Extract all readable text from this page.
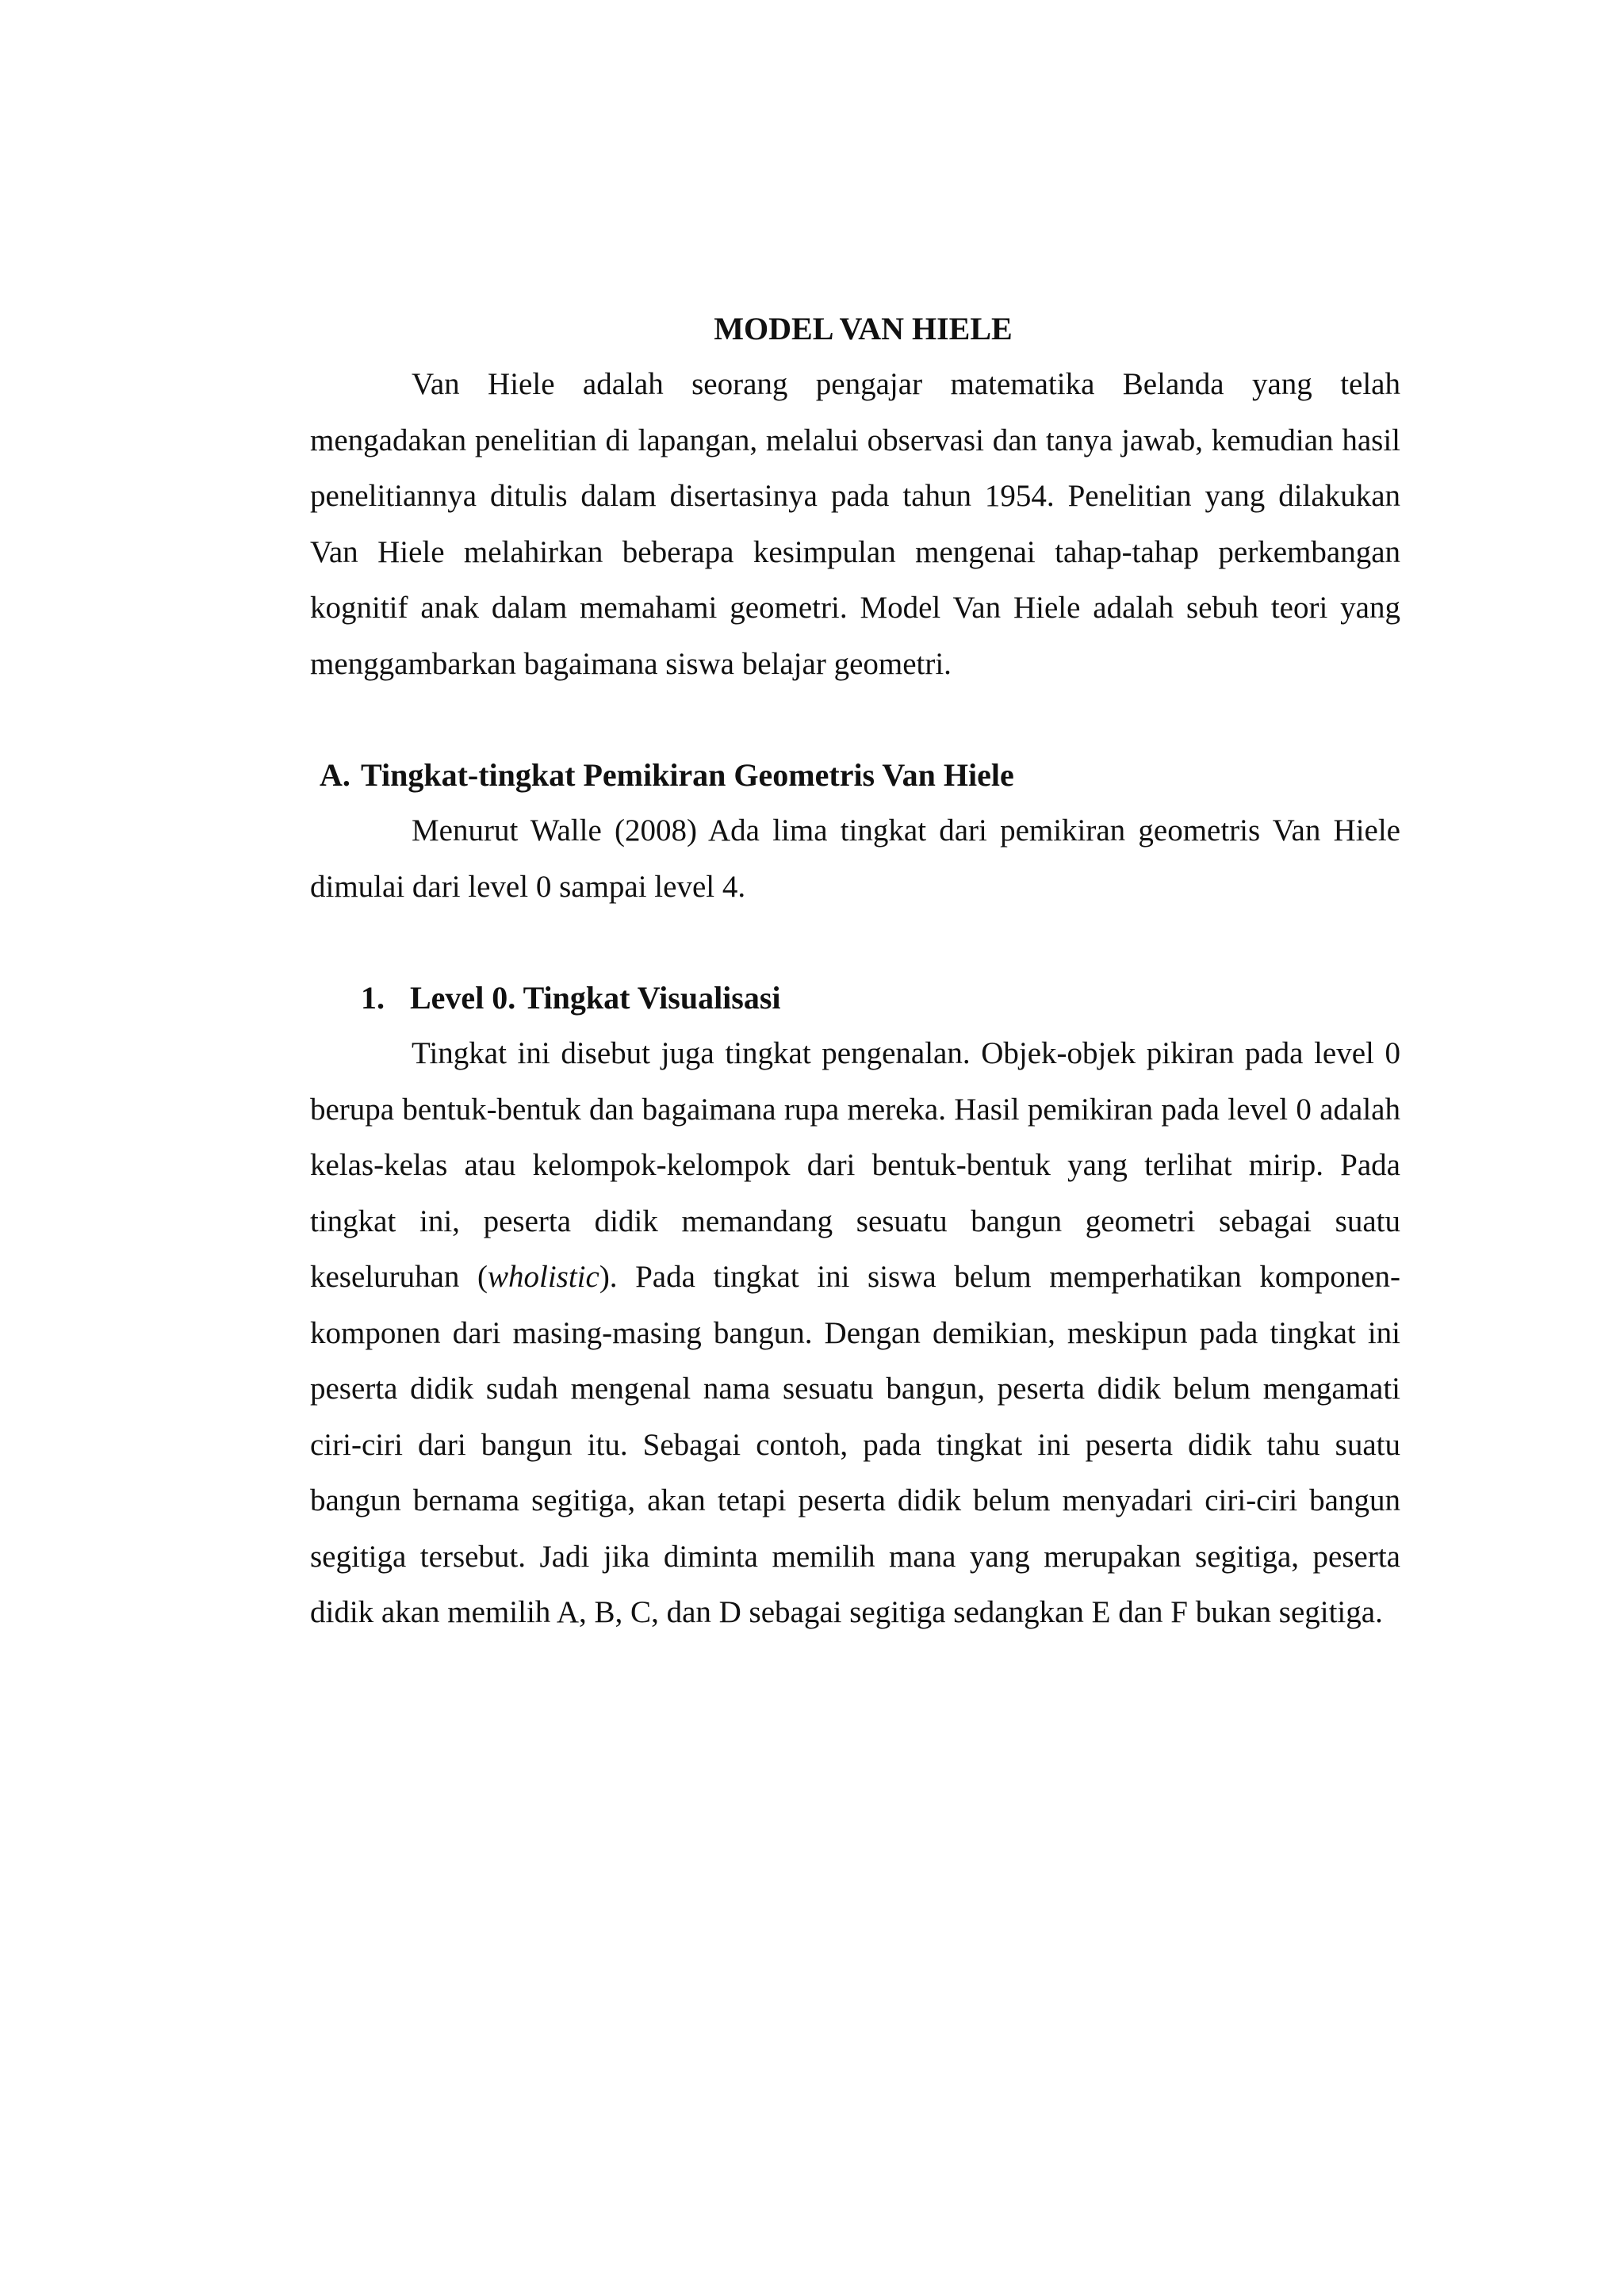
MODEL VAN HIELE

Van Hiele adalah seorang pengajar matematika Belanda yang telah mengadakan penelitian di lapangan, melalui observasi dan tanya jawab, kemudian hasil penelitiannya ditulis dalam disertasinya pada tahun 1954. Penelitian yang dilakukan Van Hiele melahirkan beberapa kesimpulan mengenai tahap-tahap perkembangan kognitif anak dalam memahami geometri. Model Van Hiele adalah sebuh teori yang menggambarkan bagaimana siswa belajar geometri.

A. Tingkat-tingkat Pemikiran Geometris Van Hiele

Menurut Walle (2008) Ada lima tingkat dari pemikiran geometris Van Hiele dimulai dari level 0 sampai level 4.

1. Level 0. Tingkat Visualisasi

Tingkat ini disebut juga tingkat pengenalan. Objek-objek pikiran pada level 0 berupa bentuk-bentuk dan bagaimana rupa mereka. Hasil pemikiran pada level 0 adalah kelas-kelas atau kelompok-kelompok dari bentuk-bentuk yang terlihat mirip. Pada tingkat ini, peserta didik memandang sesuatu bangun geometri sebagai suatu keseluruhan (wholistic). Pada tingkat ini siswa belum memperhatikan komponen-komponen dari masing-masing bangun. Dengan demikian, meskipun pada tingkat ini peserta didik sudah mengenal nama sesuatu bangun, peserta didik belum mengamati ciri-ciri dari bangun itu. Sebagai contoh, pada tingkat ini peserta didik tahu suatu bangun bernama segitiga, akan tetapi peserta didik belum menyadari ciri-ciri bangun segitiga tersebut. Jadi jika diminta memilih mana yang merupakan segitiga, peserta didik akan memilih A, B, C, dan D sebagai segitiga sedangkan E dan F bukan segitiga.
